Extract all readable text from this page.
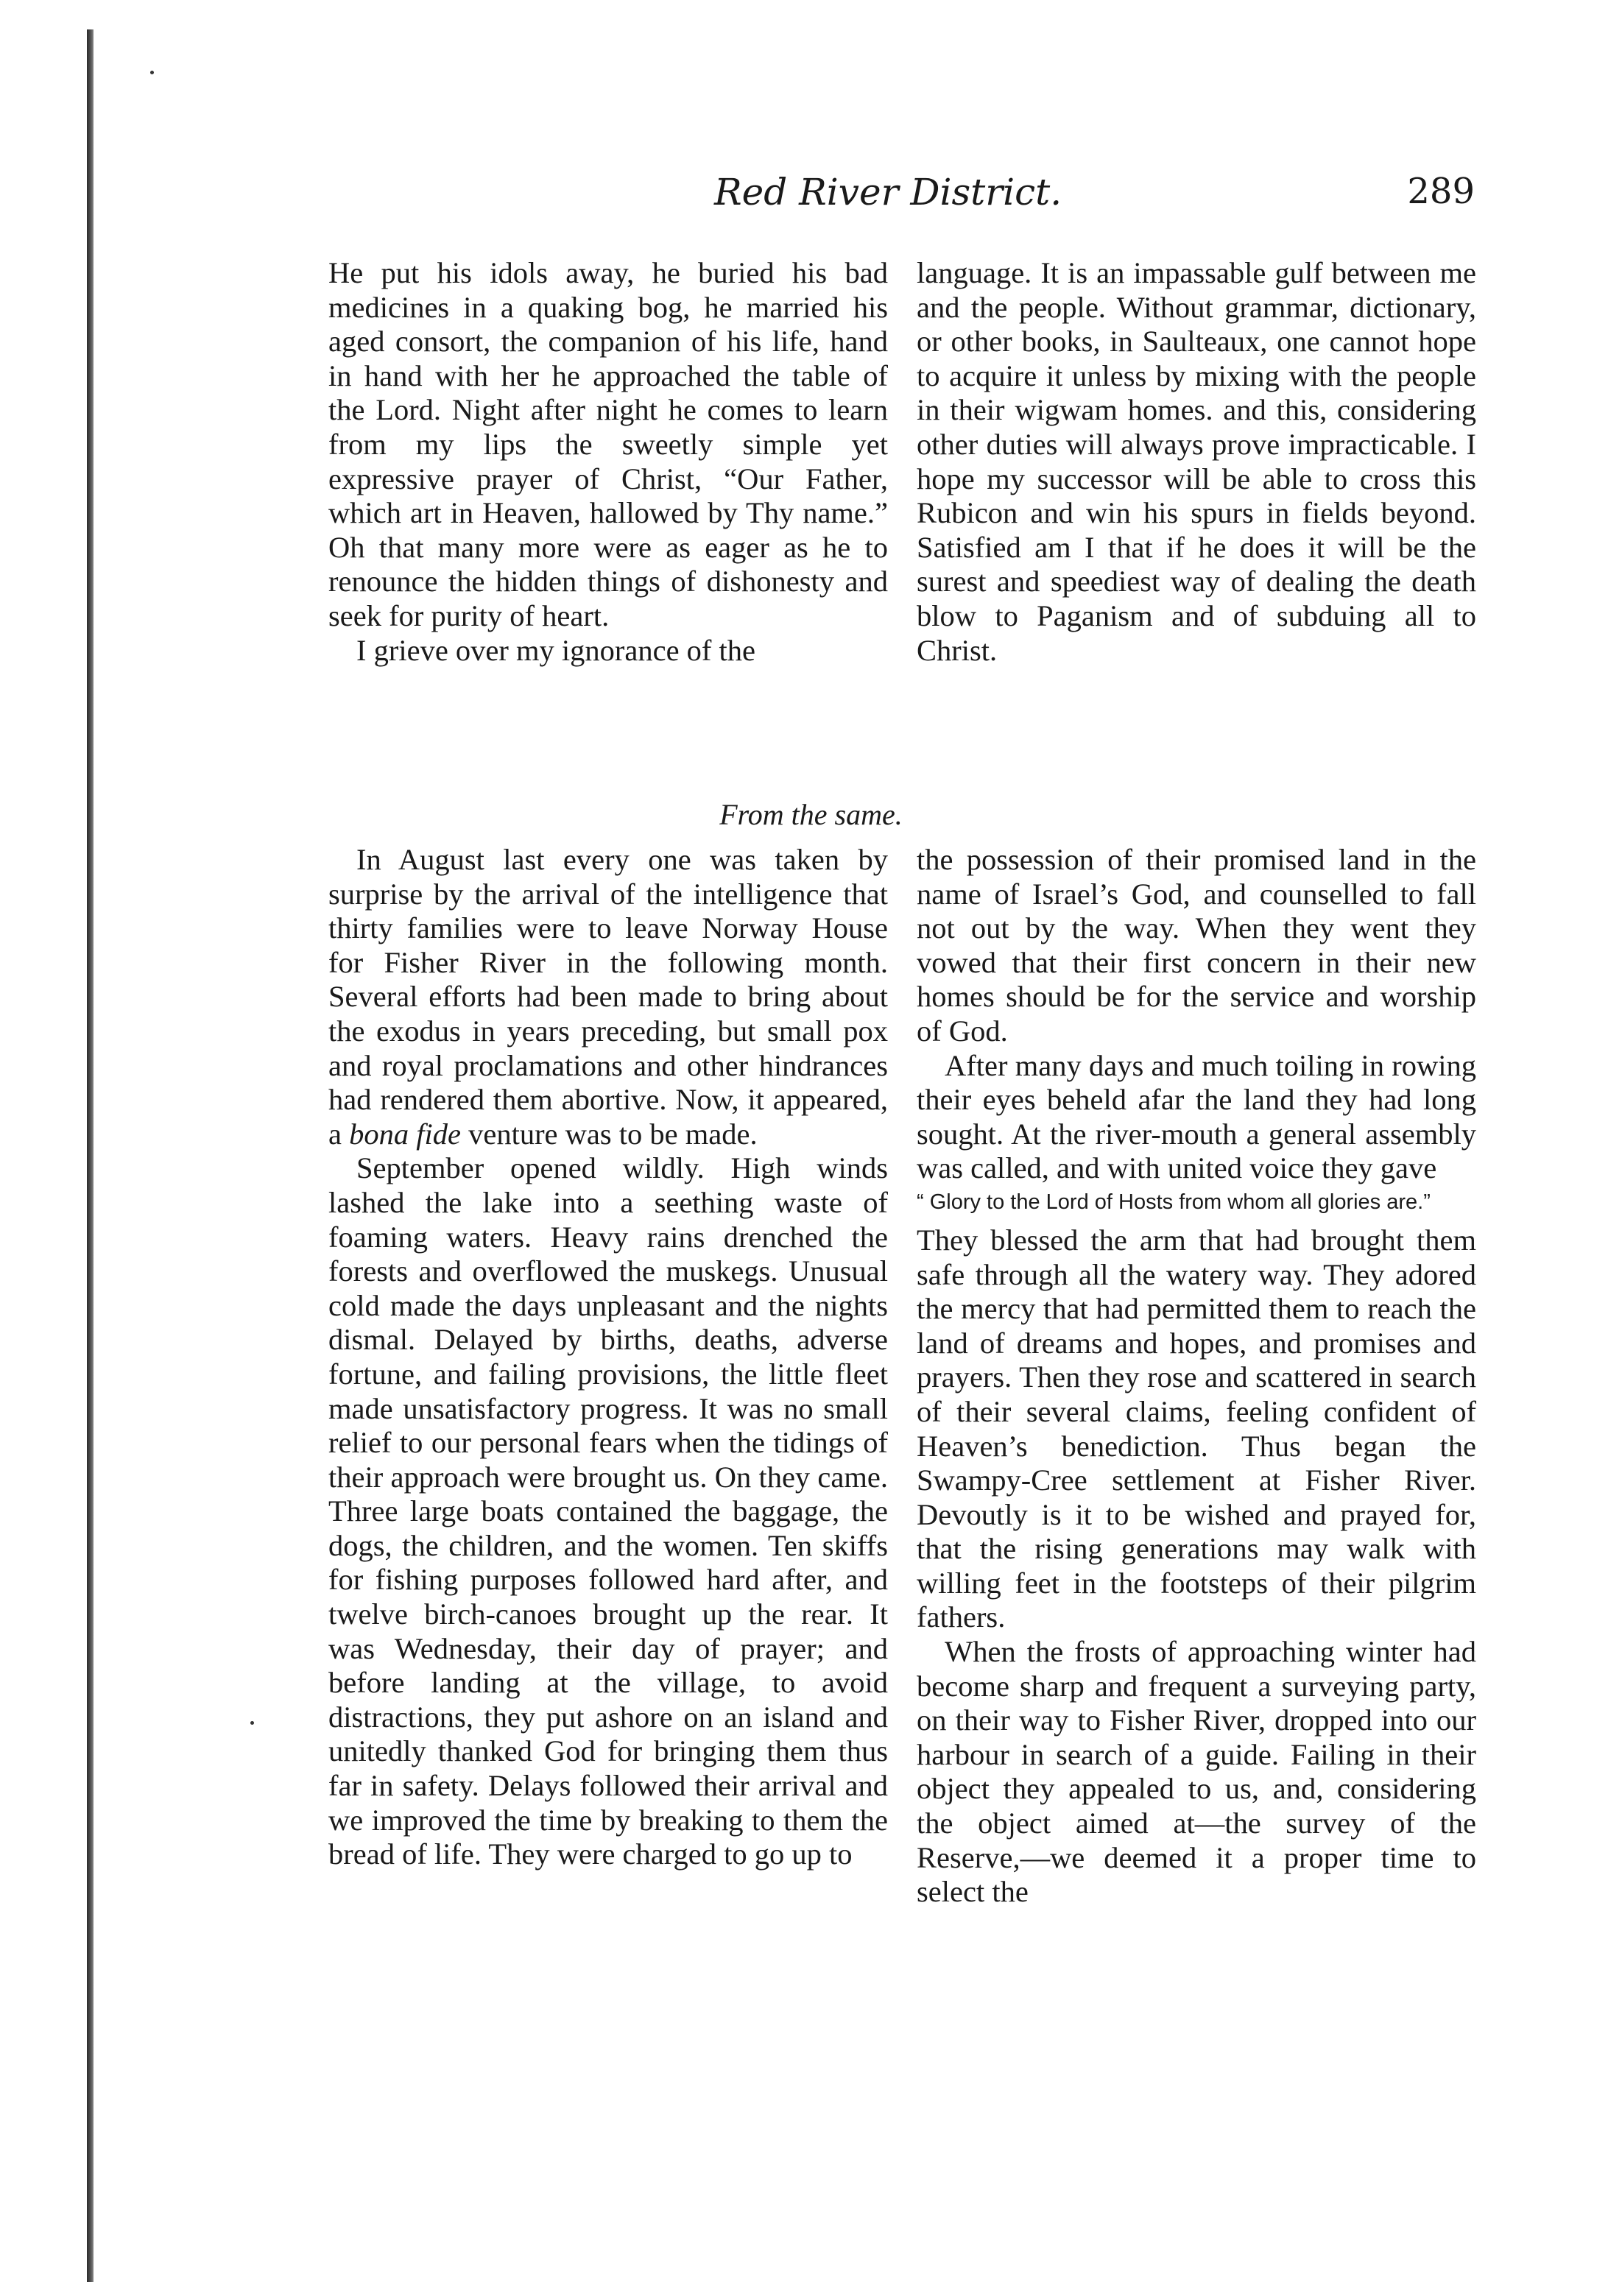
Red River District.	289

He put his idols away, he buried his bad medicines in a quaking bog, he married his aged consort, the companion of his life, hand in hand with her he approached the table of the Lord. Night after night he comes to learn from my lips the sweetly simple yet expressive prayer of Christ, “Our Father, which art in Heaven, hallowed by Thy name.” Oh that many more were as eager as he to renounce the hidden things of dishonesty and seek for purity of heart.

I grieve over my ignorance of the

language. It is an impassable gulf between me and the people. Without grammar, dictionary, or other books, in Saulteaux, one cannot hope to acquire it unless by mixing with the people in their wigwam homes. and this, considering other duties will always prove impracticable. I hope my successor will be able to cross this Rubicon and win his spurs in fields beyond. Satisfied am I that if he does it will be the surest and speediest way of dealing the death blow to Paganism and of subduing all to Christ.

From the same.

In August last every one was taken by surprise by the arrival of the intelligence that thirty families were to leave Norway House for Fisher River in the following month. Several efforts had been made to bring about the exodus in years preceding, but small pox and royal proclamations and other hindrances had rendered them abortive. Now, it appeared, a bona fide venture was to be made.

September opened wildly. High winds lashed the lake into a seething waste of foaming waters. Heavy rains drenched the forests and overflowed the muskegs. Unusual cold made the days unpleasant and the nights dismal. Delayed by births, deaths, adverse fortune, and failing provisions, the little fleet made unsatisfactory progress. It was no small relief to our personal fears when the tidings of their approach were brought us. On they came. Three large boats contained the baggage, the dogs, the children, and the women. Ten skiffs for fishing purposes followed hard after, and twelve birch-canoes brought up the rear. It was Wednesday, their day of prayer; and before landing at the village, to avoid distractions, they put ashore on an island and unitedly thanked God for bringing them thus far in safety. Delays followed their arrival and we improved the time by breaking to them the bread of life. They were charged to go up to

the possession of their promised land in the name of Israel’s God, and counselled to fall not out by the way. When they went they vowed that their first concern in their new homes should be for the service and worship of God.

After many days and much toiling in rowing their eyes beheld afar the land they had long sought. At the river-mouth a general assembly was called, and with united voice they gave

“ Glory to the Lord of Hosts from whom all glories are.”

They blessed the arm that had brought them safe through all the watery way. They adored the mercy that had permitted them to reach the land of dreams and hopes, and promises and prayers. Then they rose and scattered in search of their several claims, feeling confident of Heaven’s benediction. Thus began the Swampy-Cree settlement at Fisher River. Devoutly is it to be wished and prayed for, that the rising generations may walk with willing feet in the footsteps of their pilgrim fathers.

When the frosts of approaching winter had become sharp and frequent a surveying party, on their way to Fisher River, dropped into our harbour in search of a guide. Failing in their object they appealed to us, and, considering the object aimed at—the survey of the Reserve,—we deemed it a proper time to select the
